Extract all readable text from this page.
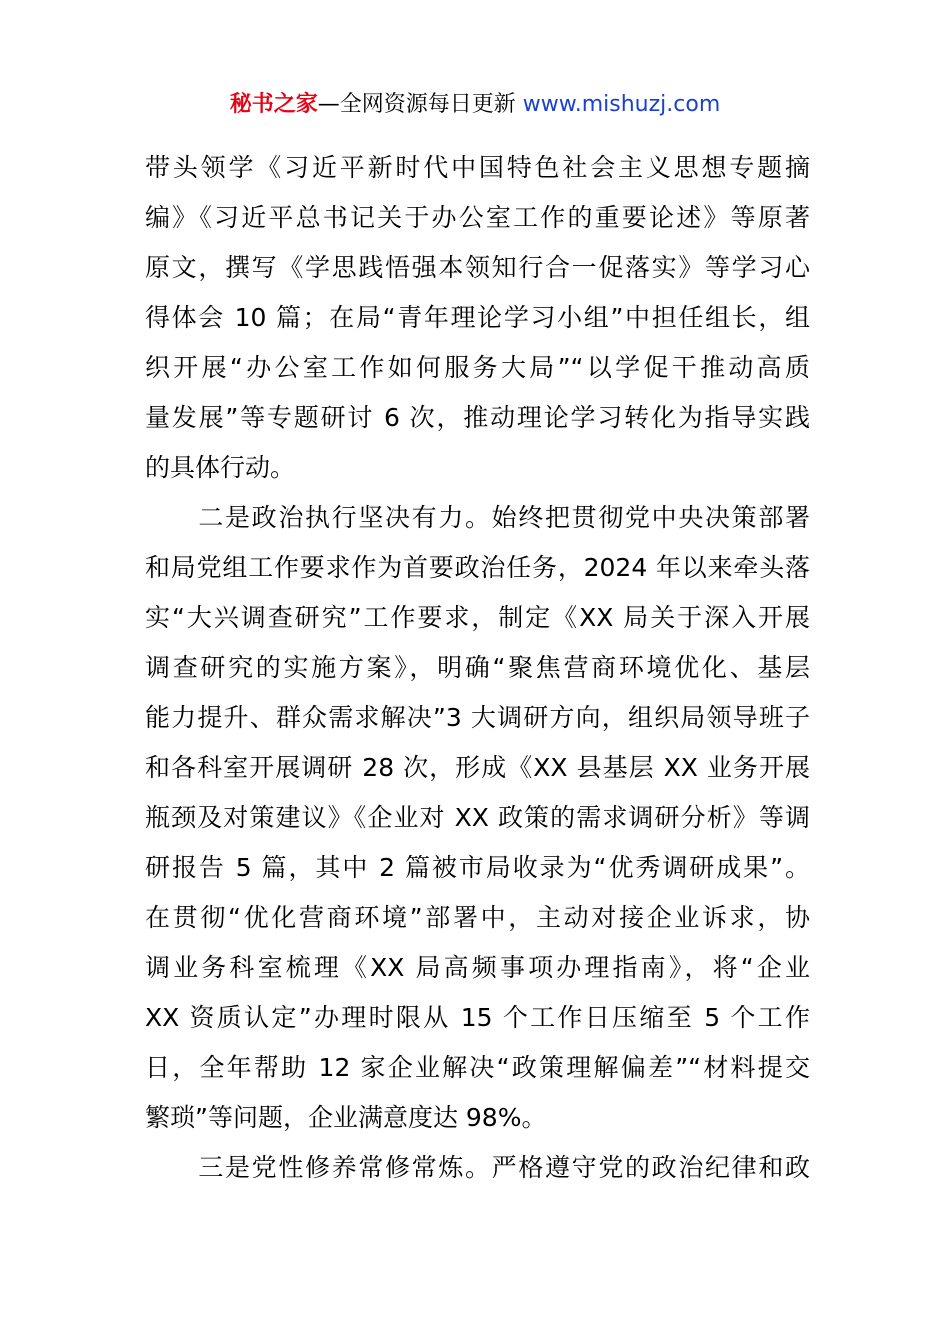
秘书之家—全网资源每日更新 www.mishuzj.com
带头领学《习近平新时代中国特色社会主义思想专题摘
编》《习近平总书记关于办公室工作的重要论述》等原著
原文，撰写《学思践悟强本领知行合一促落实》等学习心
得体会 10 篇；在局“青年理论学习小组”中担任组长，组
织开展“办公室工作如何服务大局”“以学促干推动高质
量发展”等专题研讨 6 次，推动理论学习转化为指导实践
的具体行动。
　　二是政治执行坚决有力。始终把贯彻党中央决策部署
和局党组工作要求作为首要政治任务，2024 年以来牵头落
实“大兴调查研究”工作要求，制定《XX 局关于深入开展
调查研究的实施方案》，明确“聚焦营商环境优化、基层
能力提升、群众需求解决”3 大调研方向，组织局领导班子
和各科室开展调研 28 次，形成《XX 县基层 XX 业务开展
瓶颈及对策建议》《企业对 XX 政策的需求调研分析》等调
研报告 5 篇，其中 2 篇被市局收录为“优秀调研成果”。
在贯彻“优化营商环境”部署中，主动对接企业诉求，协
调业务科室梳理《XX 局高频事项办理指南》，将“企业
XX 资质认定”办理时限从 15 个工作日压缩至 5 个工作
日，全年帮助 12 家企业解决“政策理解偏差”“材料提交
繁琐”等问题，企业满意度达 98%。
　　三是党性修养常修常炼。严格遵守党的政治纪律和政
